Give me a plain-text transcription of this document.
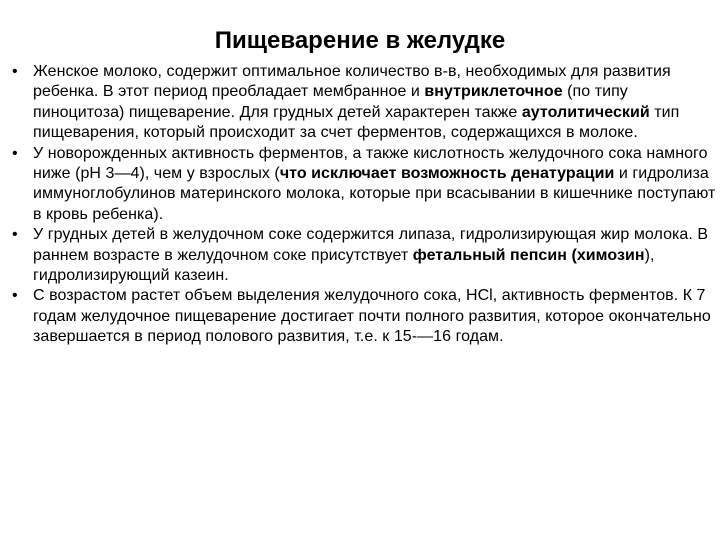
Пищеварение в желудке
• Женское молоко, содержит оптимальное количество в-в, необходимых для развития ребенка. В этот период преобладает мембранное и внутриклеточное (по типу пиноцитоза) пищеварение. Для грудных детей характерен также аутолитический тип пищеварения, который происходит за счет ферментов, содержащихся в молоке.
• У новорожденных активность ферментов, а также кислотность желудочного сока намного ниже (рН 3—4), чем у взрослых (что исключает возможность денатурации и гидролиза иммуноглобулинов материнского молока, которые при всасывании в кишечнике поступают в кровь ребенка).
• У грудных детей в желудочном соке содержится липаза, гидролизирующая жир молока. В раннем возрасте в желудочном соке присутствует фетальный пепсин (химозин), гидролизирующий казеин.
• С возрастом растет объем выделения желудочного сока, HCl, активность ферментов. К 7 годам желудочное пищеварение достигает почти полного развития, которое окончательно завершается в период полового развития, т.е. к 15-—16 годам.
